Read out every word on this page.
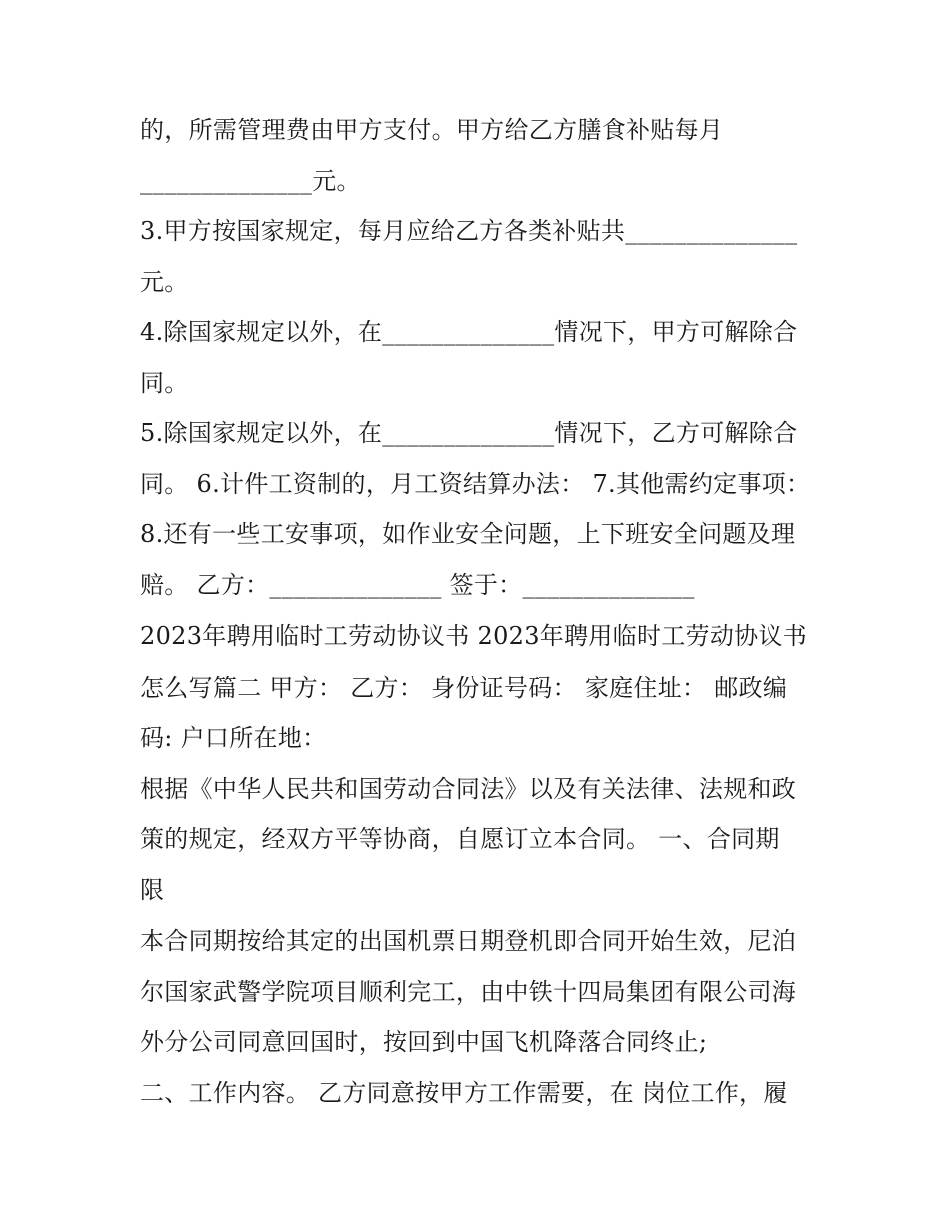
的，所需管理费由甲方支付。甲方给乙方膳食补贴每月
______________元。
3.甲方按国家规定，每月应给乙方各类补贴共______________
元。
4.除国家规定以外，在______________情况下，甲方可解除合
同。
5.除国家规定以外，在______________情况下，乙方可解除合
同。 6.计件工资制的，月工资结算办法： 7.其他需约定事项：
8.还有一些工安事项，如作业安全问题，上下班安全问题及理
赔。 乙方：______________ 签于：______________
2023年聘用临时工劳动协议书 2023年聘用临时工劳动协议书
怎么写篇二 甲方： 乙方： 身份证号码： 家庭住址： 邮政编
码: 户口所在地：
根据《中华人民共和国劳动合同法》以及有关法律、法规和政
策的规定，经双方平等协商，自愿订立本合同。 一、合同期
限
本合同期按给其定的出国机票日期登机即合同开始生效，尼泊
尔国家武警学院项目顺利完工，由中铁十四局集团有限公司海
外分公司同意回国时，按回到中国飞机降落合同终止;
二、工作内容。 乙方同意按甲方工作需要，在 岗位工作，履
